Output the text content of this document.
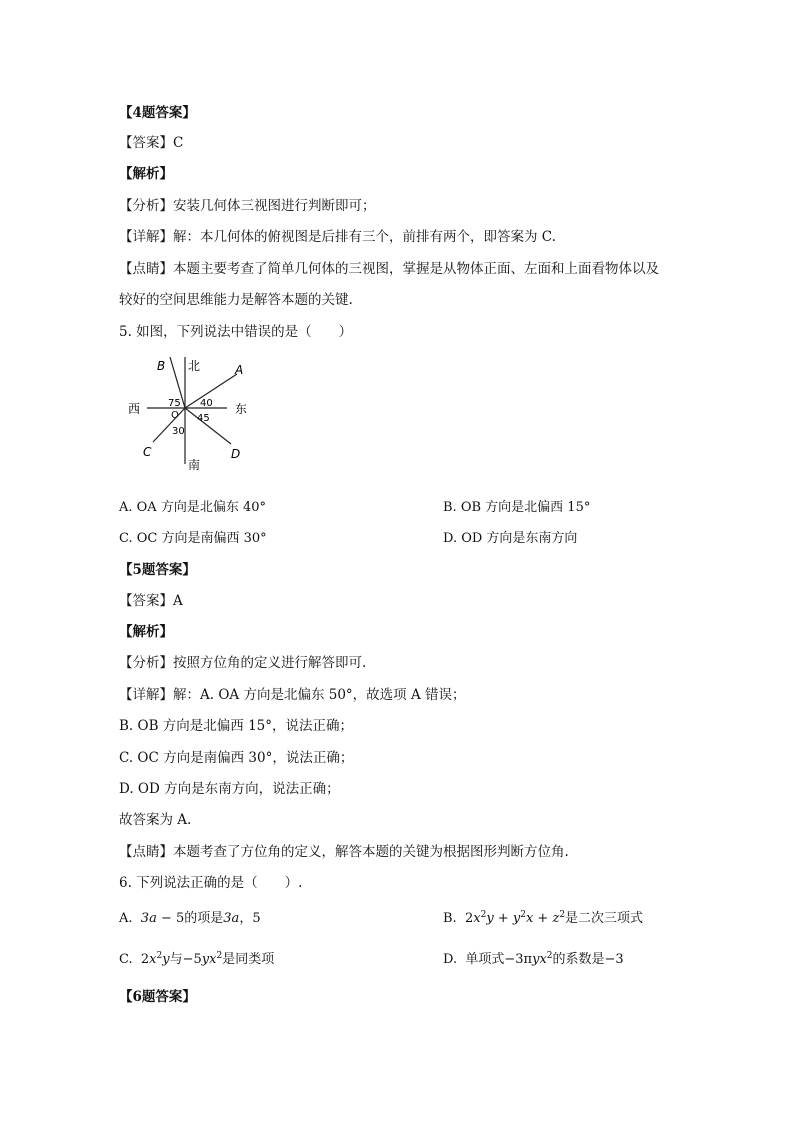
【4题答案】
【答案】C
【解析】
【分析】安装几何体三视图进行判断即可；
【详解】解：本几何体的俯视图是后排有三个，前排有两个，即答案为 C.
【点睛】本题主要考查了简单几何体的三视图，掌握是从物体正面、左面和上面看物体以及
较好的空间思维能力是解答本题的关键.
5. 如图，下列说法中错误的是（　　）
北
南
西	东
A
B
C	D
O
75 40
45
30
A. OA 方向是北偏东 40°	B. OB 方向是北偏西 15°
C. OC 方向是南偏西 30°	D. OD 方向是东南方向
【5题答案】
【答案】A
【解析】
【分析】按照方位角的定义进行解答即可.
【详解】解：A. OA 方向是北偏东 50°，故选项 A 错误；
B. OB 方向是北偏西 15°，说法正确；
C. OC 方向是南偏西 30°，说法正确；
D. OD 方向是东南方向，说法正确；
故答案为 A.
【点睛】本题考查了方位角的定义，解答本题的关键为根据图形判断方位角.
6. 下列说法正确的是（　　）.
A. 3a − 5的项是3a，5	B.  $2x^2y + y^2x + z^2$是二次三项式
C.  $2x^2y$与$-5yx^2$是同类项	D. 单项式−3πyx$^2$的系数是−3
【6题答案】
